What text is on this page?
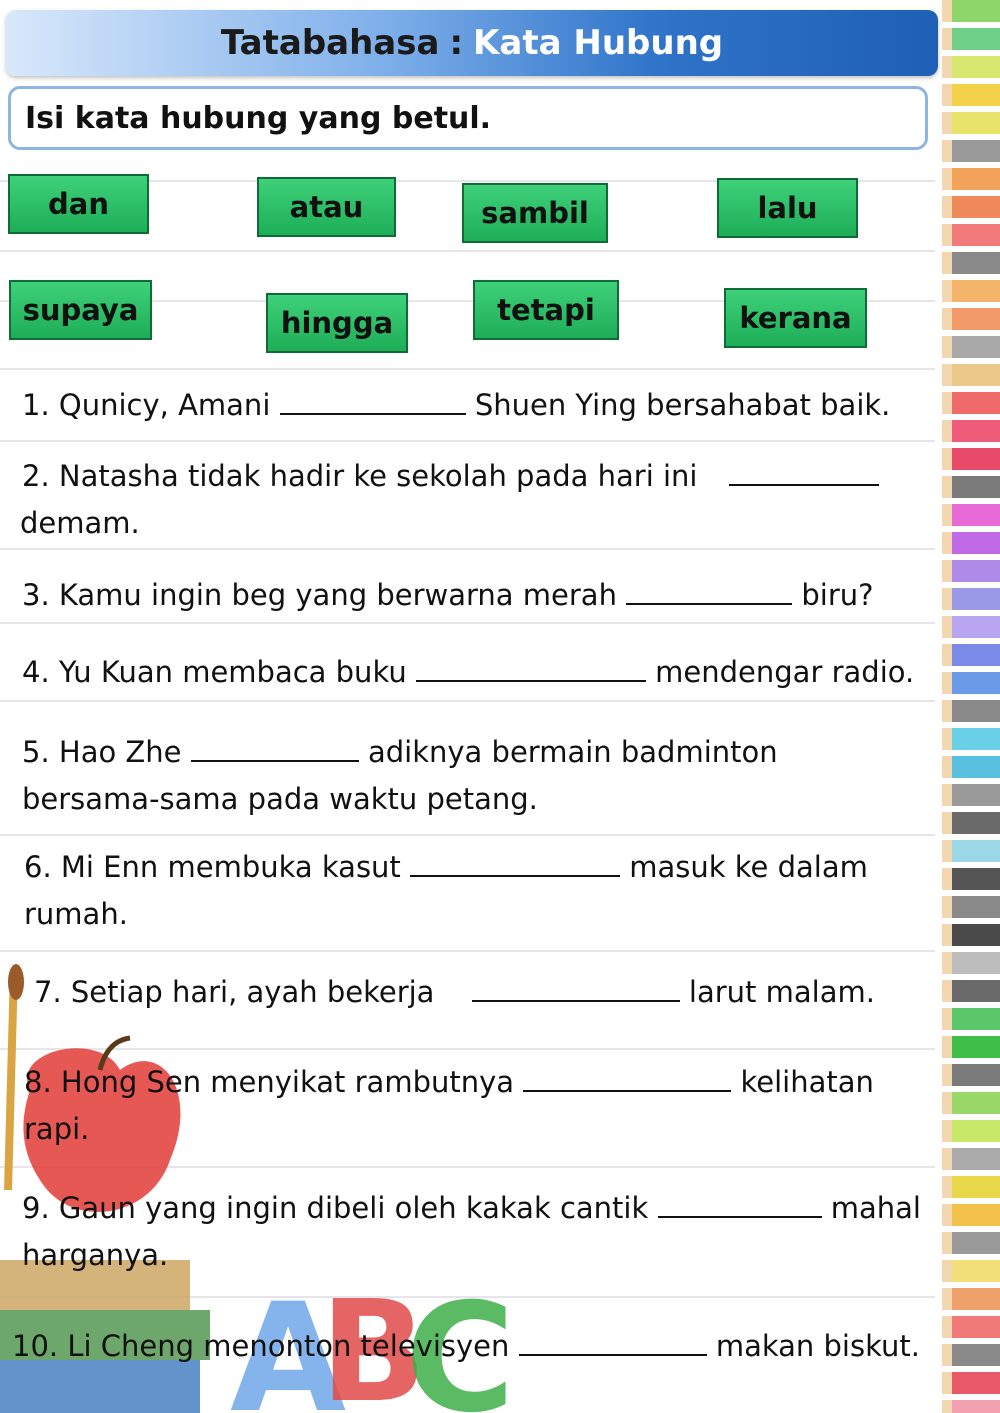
A
B
C
Tatabahasa : Kata Hubung
Isi kata hubung yang betul.
dan	atau	sambil	lalu
supaya	hingga	tetapi	kerana
1. Qunicy, Amani	Shuen Ying bersahabat baik.
2. Natasha tidak hadir ke sekolah pada hari ini
demam.
3. Kamu ingin beg yang berwarna merah	biru?
4. Yu Kuan membaca buku	mendengar radio.
5. Hao Zhe	adiknya bermain badminton
bersama-sama pada waktu petang.
6. Mi Enn membuka kasut	masuk ke dalam
rumah.
7. Setiap hari, ayah bekerja	larut malam.
8. Hong Sen menyikat rambutnya	kelihatan
rapi.
9. Gaun yang ingin dibeli oleh kakak cantik	mahal
harganya.
10. Li Cheng menonton televisyen	makan biskut.
